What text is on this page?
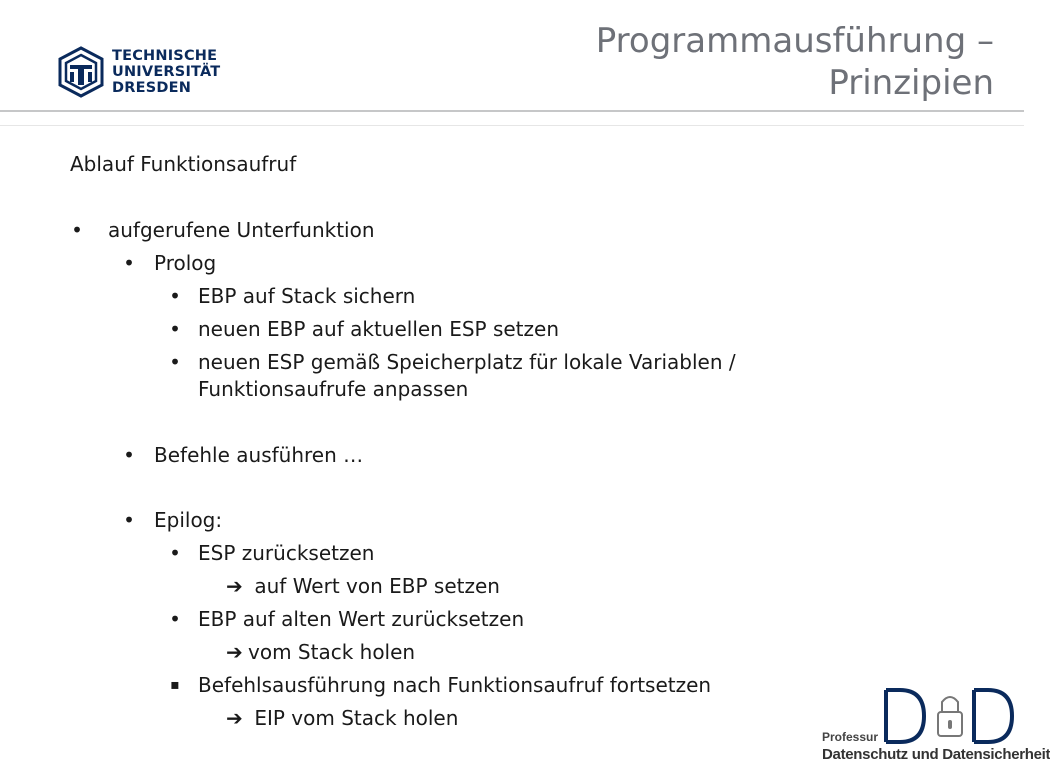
TECHNISCHE
UNIVERSITÄT
DRESDEN
Programmausführung –
Prinzipien

Ablauf Funktionsaufruf

• aufgerufene Unterfunktion
• Prolog
• EBP auf Stack sichern
• neuen EBP auf aktuellen ESP setzen
• neuen ESP gemäß Speicherplatz für lokale Variablen /
Funktionsaufrufe anpassen
• Befehle ausführen …
• Epilog:
• ESP zurücksetzen
➔ auf Wert von EBP setzen
• EBP auf alten Wert zurücksetzen
➔ vom Stack holen
▪ Befehlsausführung nach Funktionsaufruf fortsetzen
➔ EIP vom Stack holen
Professur
Datenschutz und Datensicherheit
